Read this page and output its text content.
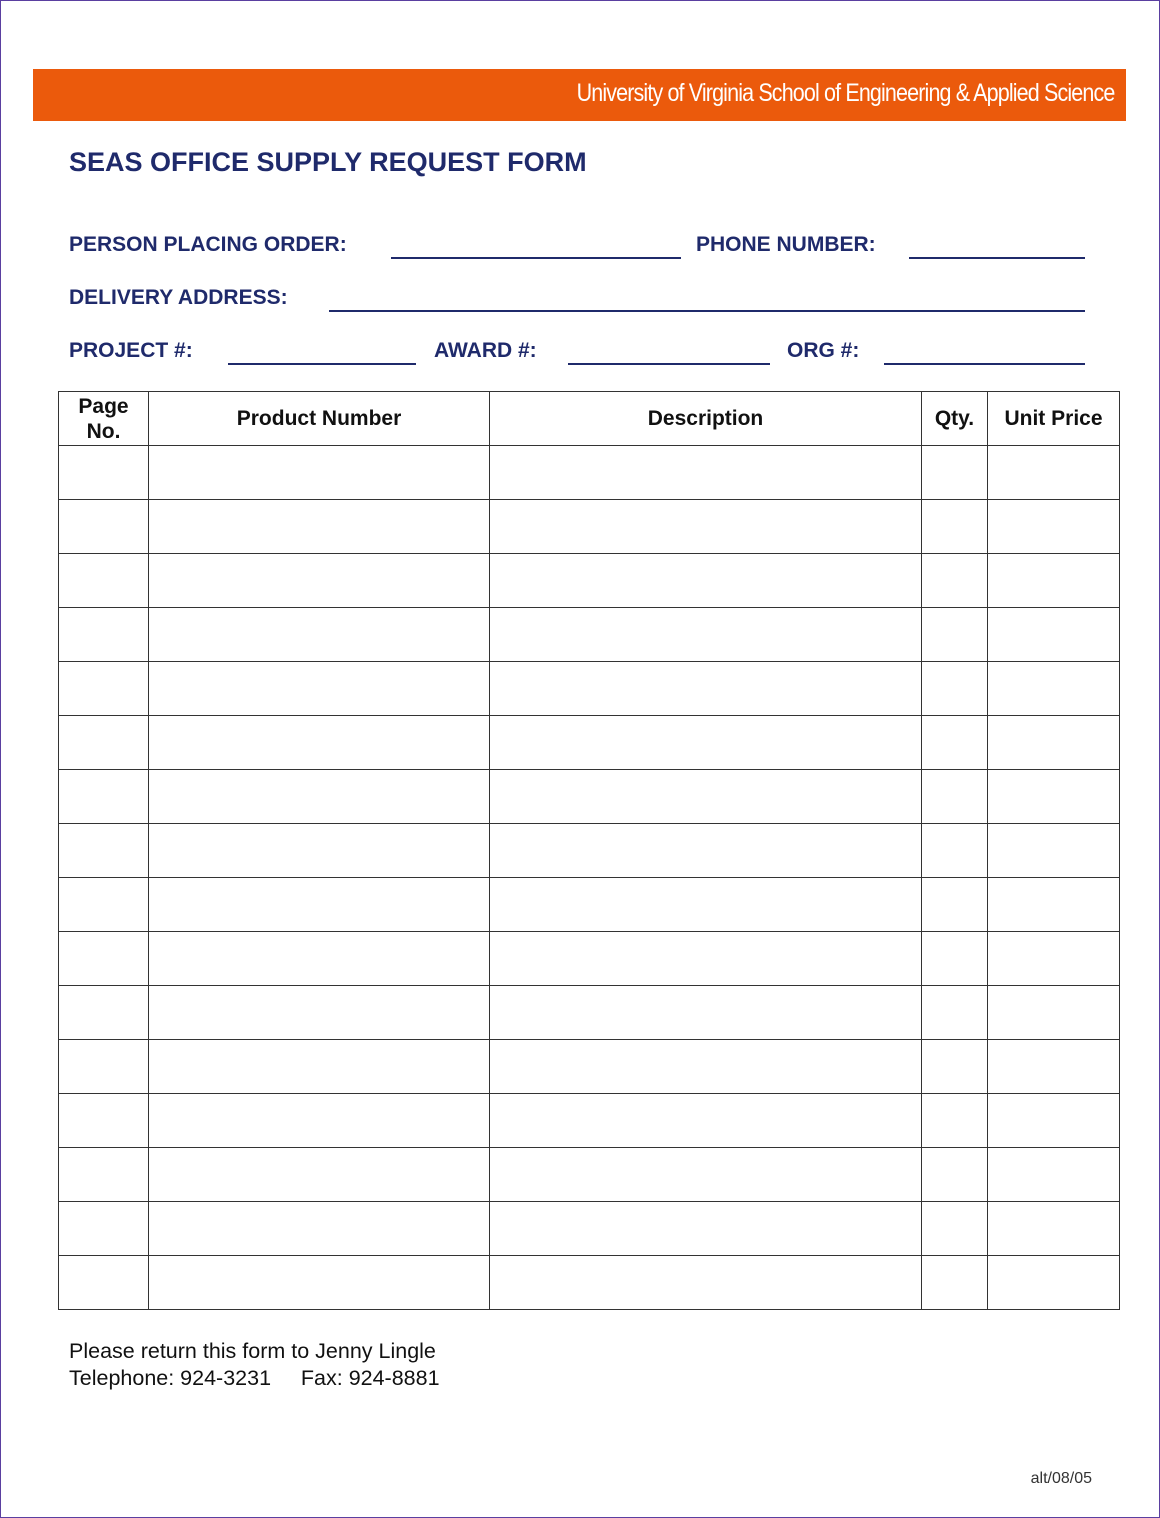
University of Virginia School of Engineering & Applied Science
SEAS OFFICE SUPPLY REQUEST FORM
PERSON PLACING ORDER:	PHONE NUMBER:
DELIVERY ADDRESS:
PROJECT #:	AWARD #:	ORG #:
Page No.	Product Number	Description	Qty.	Unit Price

Please return this form to Jenny Lingle
Telephone: 924-3231     Fax: 924-8881
alt/08/05
